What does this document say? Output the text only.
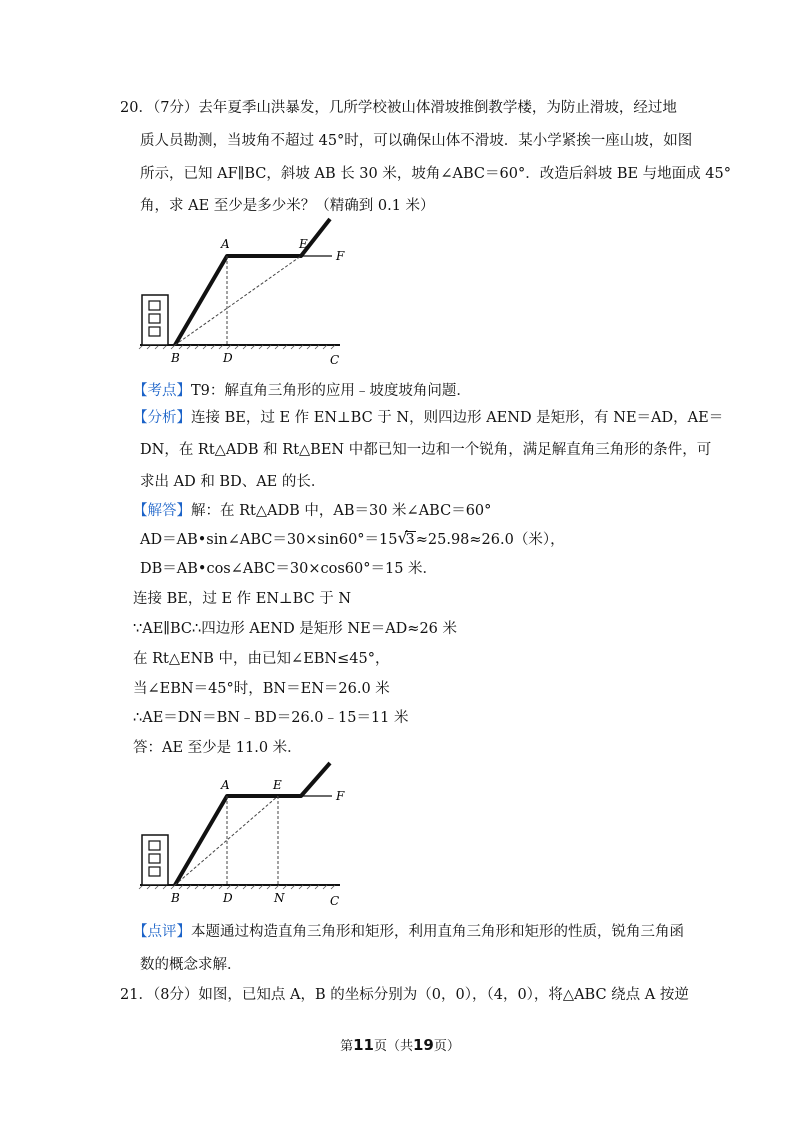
20．（7分）去年夏季山洪暴发，几所学校被山体滑坡推倒教学楼，为防止滑坡，经过地
质人员勘测，当坡角不超过 45°时，可以确保山体不滑坡．某小学紧挨一座山坡，如图
所示，已知 AF∥BC，斜坡 AB 长 30 米，坡角∠ABC＝60°．改造后斜坡 BE 与地面成 45°
角，求 AE 至少是多少米？（精确到 0.1 米）
A	E
F
B	D	C
【考点】T9：解直角三角形的应用﹣坡度坡角问题．
【分析】连接 BE，过 E 作 EN⊥BC 于 N，则四边形 AEND 是矩形，有 NE＝AD，AE＝
DN，在 Rt△ADB 和 Rt△BEN 中都已知一边和一个锐角，满足解直角三角形的条件，可
求出 AD 和 BD、AE 的长．
【解答】解：在 Rt△ADB 中，AB＝30 米∠ABC＝60°
AD＝AB•sin∠ABC＝30×sin60°＝15 √
3≈25.98≈26.0（米），
DB＝AB•cos∠ABC＝30×cos60°＝15 米．
连接 BE，过 E 作 EN⊥BC 于 N
∵AE∥BC∴四边形 AEND 是矩形 NE＝AD≈26 米
在 Rt△ENB 中，由已知∠EBN≤45°，
当∠EBN＝45°时，BN＝EN＝26.0 米
∴AE＝DN＝BN﹣BD＝26.0﹣15＝11 米
答：AE 至少是 11.0 米．
A	E
F
B	D	N	C
【点评】本题通过构造直角三角形和矩形，利用直角三角形和矩形的性质，锐角三角函
数的概念求解．
21．（8分）如图，已知点 A，B 的坐标分别为（0，0），（4，0），将△ABC 绕点 A 按逆
第11页（共19页）
